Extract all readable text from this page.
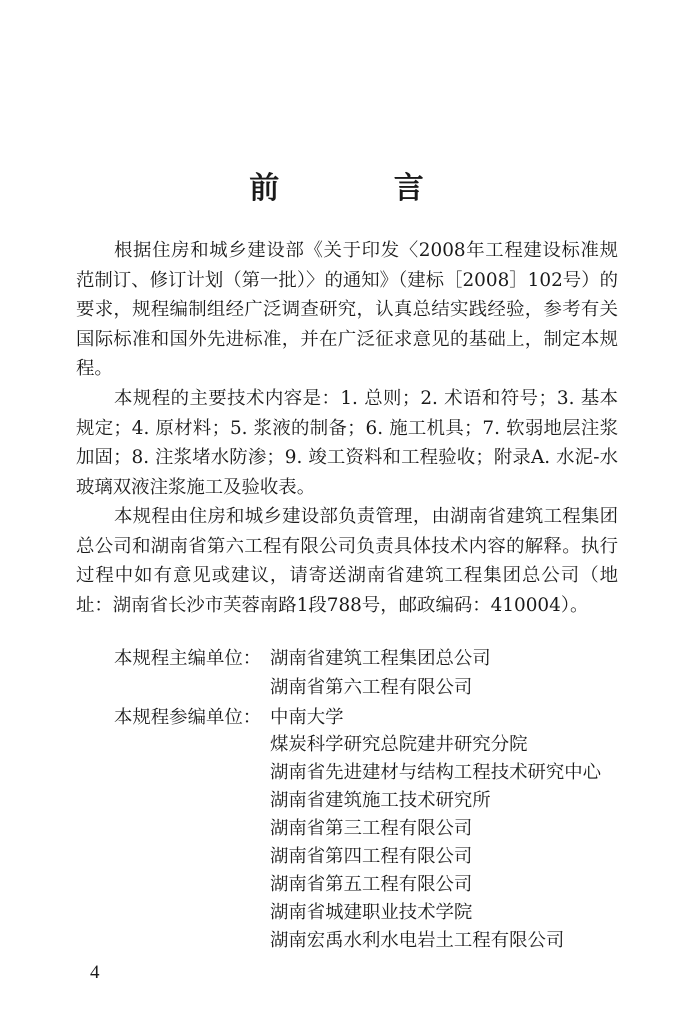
前 言

根据住房和城乡建设部《关于印发〈2008年工程建设标准规范制订、修订计划（第一批）〉的通知》（建标［2008］102号）的要求，规程编制组经广泛调查研究，认真总结实践经验，参考有关国际标准和国外先进标准，并在广泛征求意见的基础上，制定本规程。

本规程的主要技术内容是：1. 总则；2. 术语和符号；3. 基本规定；4. 原材料；5. 浆液的制备；6. 施工机具；7. 软弱地层注浆加固；8. 注浆堵水防渗；9. 竣工资料和工程验收；附录A. 水泥-水玻璃双液注浆施工及验收表。

本规程由住房和城乡建设部负责管理，由湖南省建筑工程集团总公司和湖南省第六工程有限公司负责具体技术内容的解释。执行过程中如有意见或建议，请寄送湖南省建筑工程集团总公司（地址：湖南省长沙市芙蓉南路1段788号，邮政编码：410004）。

本规程主编单位： 湖南省建筑工程集团总公司
湖南省第六工程有限公司
本规程参编单位： 中南大学
煤炭科学研究总院建井研究分院
湖南省先进建材与结构工程技术研究中心
湖南省建筑施工技术研究所
湖南省第三工程有限公司
湖南省第四工程有限公司
湖南省第五工程有限公司
湖南省城建职业技术学院
湖南宏禹水利水电岩土工程有限公司
4
